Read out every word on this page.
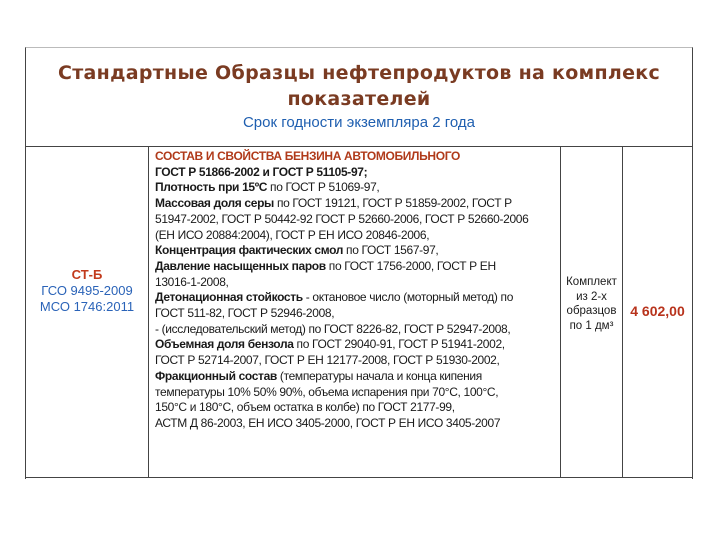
Стандартные Образцы нефтепродуктов на комплекс
показателей
Срок годности экземпляра 2 года
СТ-Б
ГСО 9495-2009
МСО 1746:2011
СОСТАВ И СВОЙСТВА БЕНЗИНА АВТОМОБИЛЬНОГО
ГОСТ Р 51866-2002 и ГОСТ Р 51105-97;
Плотность при 15ºС по ГОСТ Р 51069-97,
Массовая доля серы по ГОСТ 19121, ГОСТ Р 51859-2002, ГОСТ Р
51947-2002, ГОСТ Р 50442-92 ГОСТ Р 52660-2006, ГОСТ Р 52660-2006
(ЕН ИСО 20884:2004), ГОСТ Р ЕН ИСО 20846-2006,
Концентрация фактических смол по ГОСТ 1567-97,
Давление насыщенных паров по ГОСТ 1756-2000, ГОСТ Р ЕН
13016-1-2008,
Детонационная стойкость - октановое число (моторный метод) по
ГОСТ 511-82, ГОСТ Р 52946-2008,
- (исследовательский метод) по ГОСТ 8226-82, ГОСТ Р 52947-2008,
Объемная доля бензола по ГОСТ 29040-91, ГОСТ Р 51941-2002,
ГОСТ Р 52714-2007, ГОСТ Р ЕН 12177-2008, ГОСТ Р 51930-2002,
Фракционный состав (температуры начала и конца кипения
температуры 10% 50% 90%, объема испарения при 70°С, 100°С,
150°С и 180°С, объем остатка в колбе) по ГОСТ 2177-99,
АСТМ Д 86-2003, ЕН ИСО 3405-2000, ГОСТ Р ЕН ИСО 3405-2007
Комплект
из 2-х
образцов
по 1 дм³
4 602,00
